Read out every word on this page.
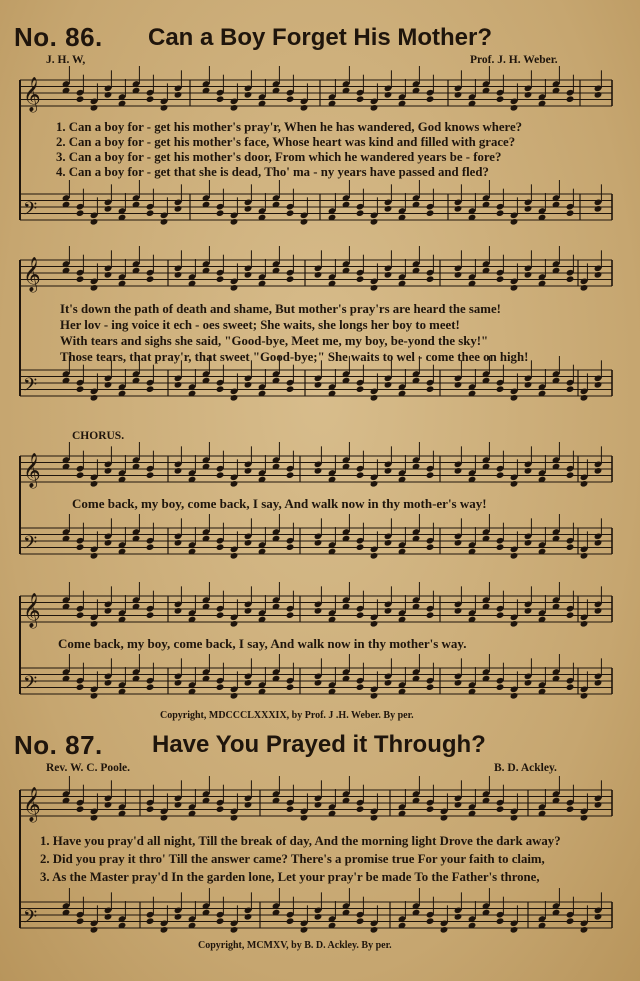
𝄞
𝄢
𝄞
𝄢
𝄞
𝄢
𝄞
𝄢
𝄞
𝄢
No. 86. Can a Boy Forget His Mother?
J. H. W,	Prof. J. H. Weber.
1. Can a boy for - get his mother's pray'r, When he has wandered, God knows where?
2. Can a boy for - get his mother's face, Whose heart was kind and filled with grace?
3. Can a boy for - get his mother's door, From which he wandered years be - fore?
4. Can a boy for - get that she is dead, Tho' ma - ny years have passed and fled?
It's down the path of death and shame, But mother's pray'rs are heard the same!
Her lov - ing voice it ech - oes sweet; She waits, she longs her boy to meet!
With tears and sighs she said, "Good-bye, Meet me, my boy, be-yond the sky!"
Those tears, that pray'r, that sweet "Good-bye;" She waits to wel - come thee on high!
CHORUS.
Come back, my boy, come back, I say, And walk now in thy moth-er's way!
Come back, my boy, come back, I say, And walk now in thy mother's way.
Copyright, MDCCCLXXXIX, by Prof. J .H. Weber. By per.
No. 87. Have You Prayed it Through?
Rev. W. C. Poole.	B. D. Ackley.
1. Have you pray'd all night, Till the break of day, And the morning light Drove the dark away?
2. Did you pray it thro' Till the answer came? There's a promise true For your faith to claim,
3. As the Master pray'd In the garden lone, Let your pray'r be made To the Father's throne,
Copyright, MCMXV, by B. D. Ackley. By per.
